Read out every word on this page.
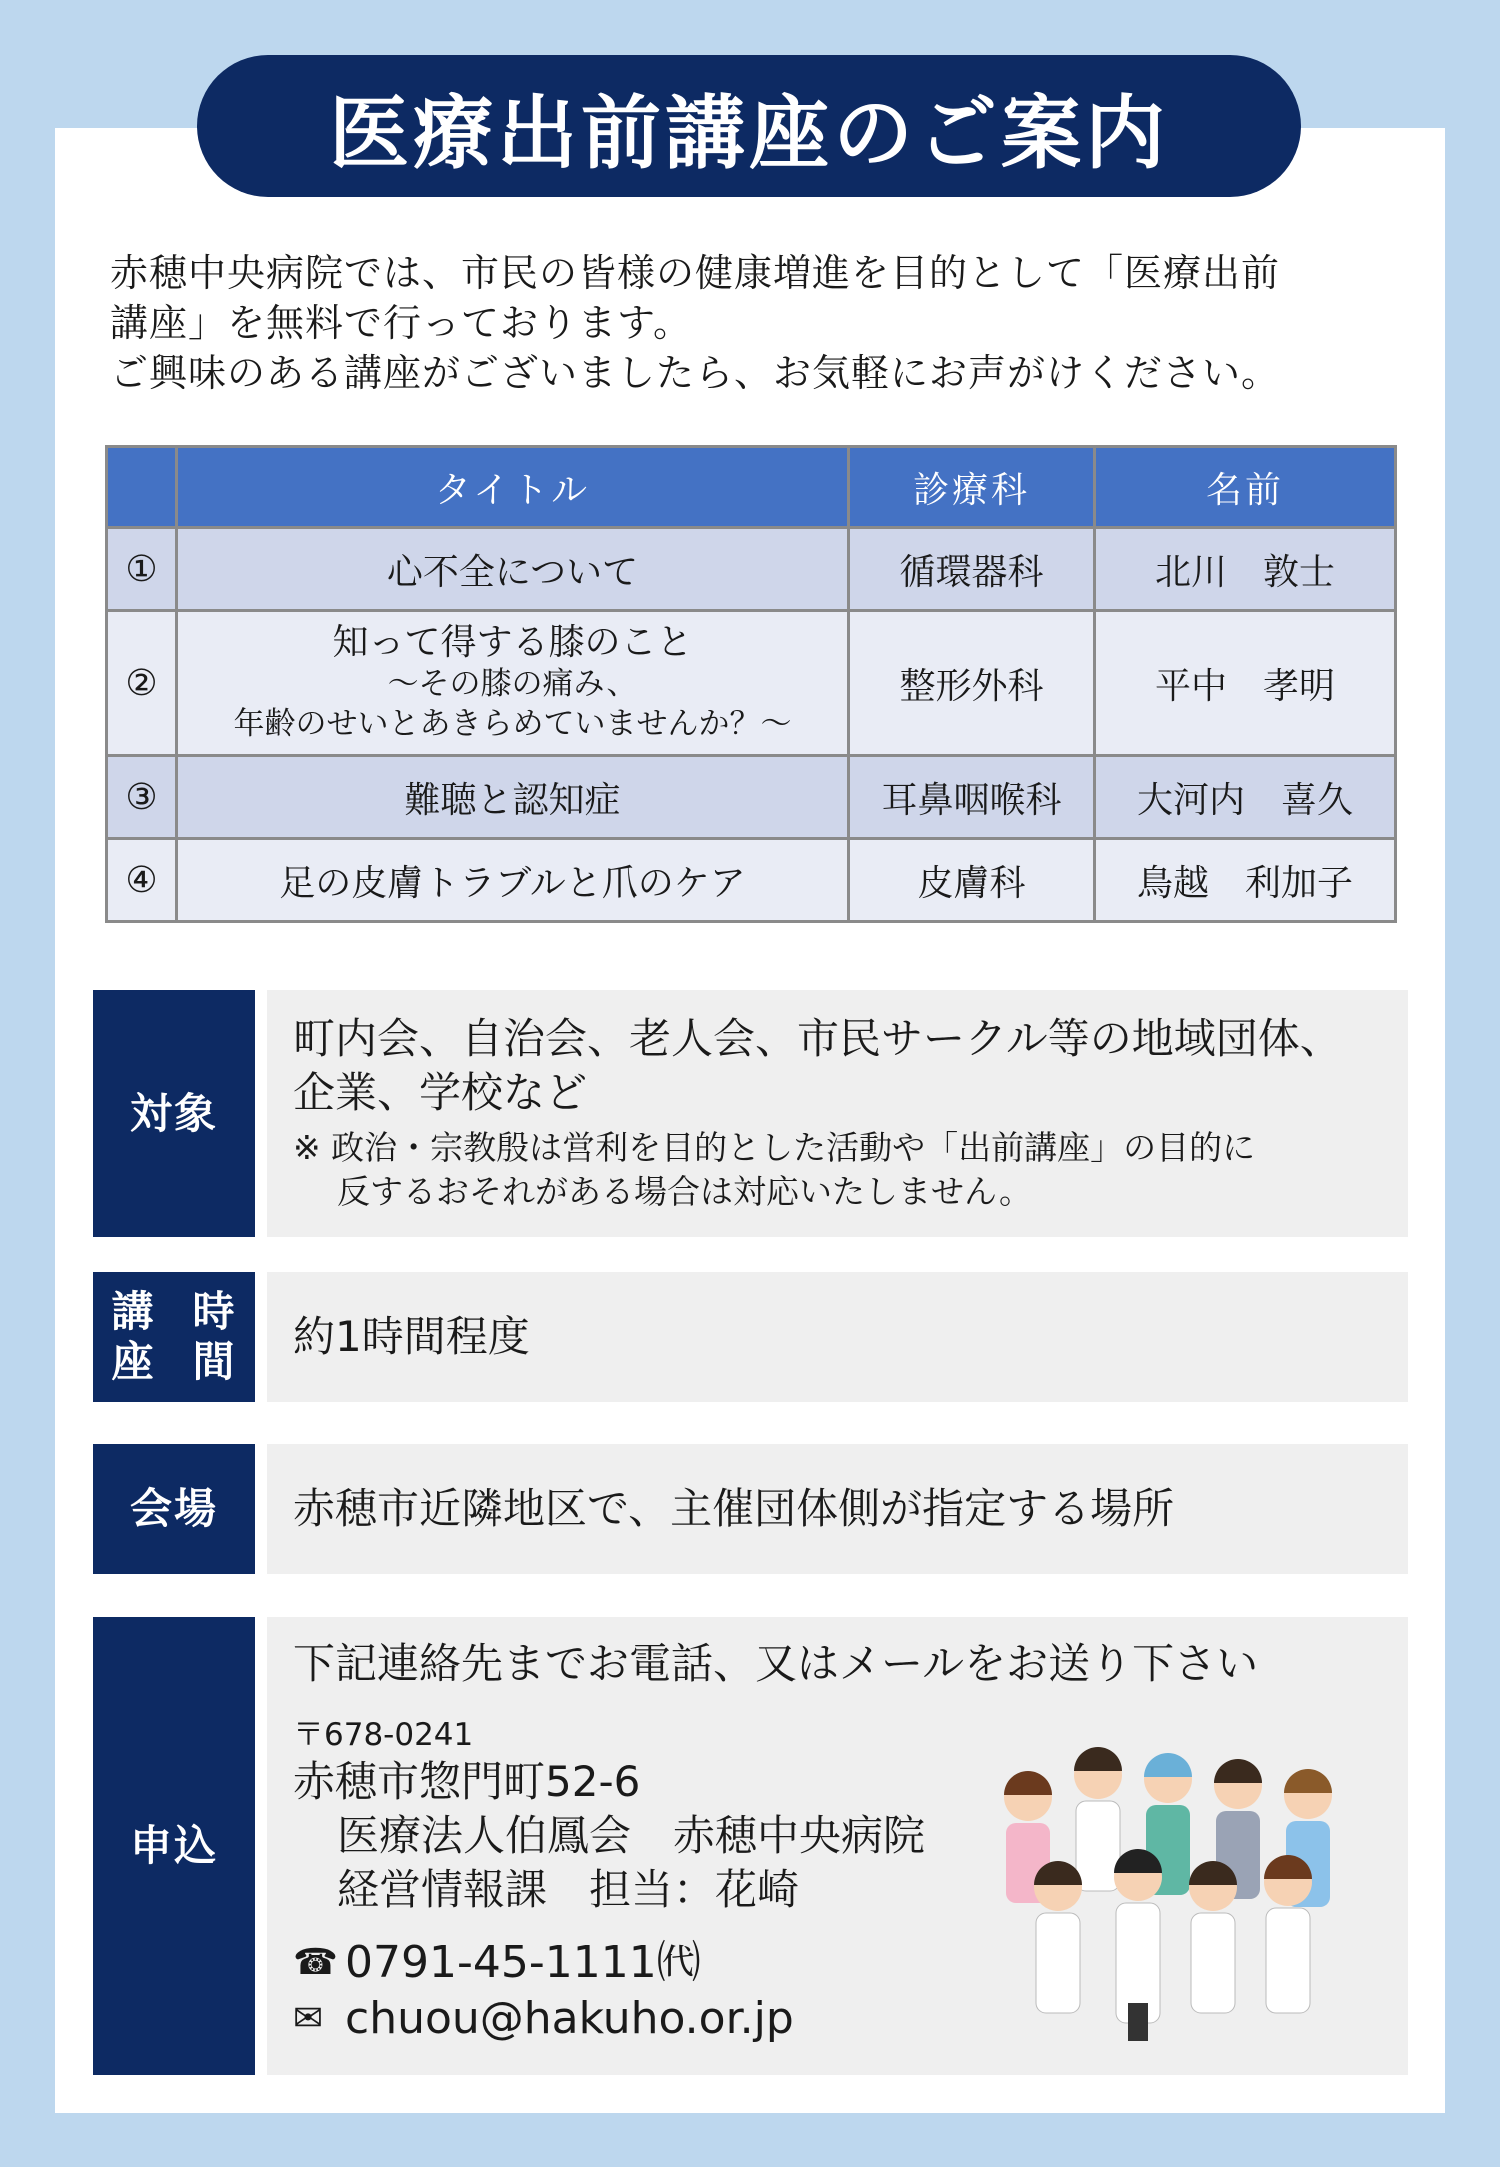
医療出前講座のご案内

赤穂中央病院では、市民の皆様の健康増進を目的として「医療出前

講座」を無料で行っております。

ご興味のある講座がございましたら、お気軽にお声がけください。

	タイトル	診療科	名前
①	心不全について	循環器科	北川　敦士
②	知って得する膝のこと
～その膝の痛み、
年齢のせいとあきらめていませんか？～	整形外科	平中　孝明
③	難聴と認知症	耳鼻咽喉科	大河内　喜久
④	足の皮膚トラブルと爪のケア	皮膚科	鳥越　利加子
対象
町内会、自治会、老人会、市民サークル等の地域団体、
企業、学校など
※ 政治・宗教殷は営利を目的とした活動や「出前講座」の目的に
反するおそれがある場合は対応いたしません。
講座

時間
約1時間程度
会場	赤穂市近隣地区で、主催団体側が指定する場所
申込
下記連絡先までお電話、又はメールをお送り下さい
〒678-0241
赤穂市惣門町52-6
医療法人伯鳳会　赤穂中央病院
経営情報課　担当：花崎
☎ 0791-45-1111㈹
✉ chuou@hakuho.or.jp
